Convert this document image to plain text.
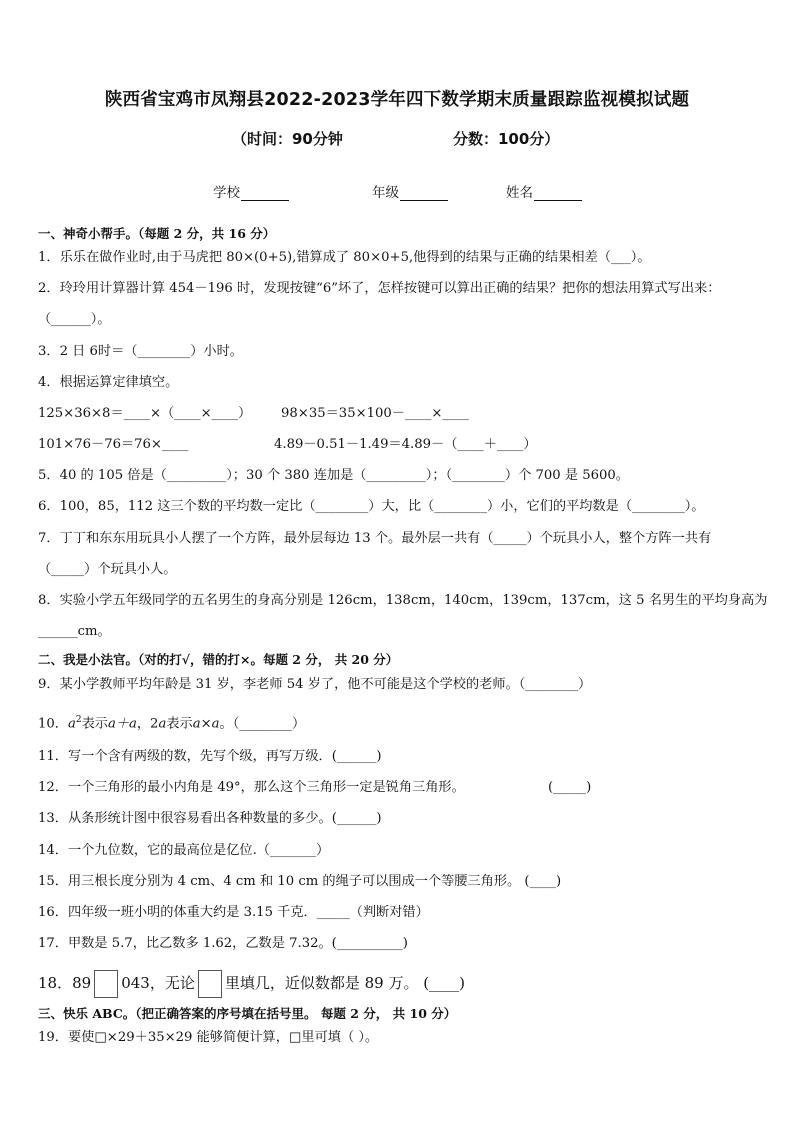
陕西省宝鸡市凤翔县2022-2023学年四下数学期末质量跟踪监视模拟试题
（时间：90分钟	分数：100分）
学校	年级	姓名
一、神奇小帮手。（每题 2 分，共 16 分）
1．乐乐在做作业时,由于马虎把 80×(0+5),错算成了 80×0+5,他得到的结果与正确的结果相差（___）。
2．玲玲用计算器计算 454－196 时，发现按键“6”坏了，怎样按键可以算出正确的结果？把你的想法用算式写出来：
（______）。
3．2 日 6时＝（________）小时。
4．根据运算定律填空。
125×36×8＝____×（____×____） 98×35＝35×100－____×____
101×76－76＝76×____	4.89－0.51－1.49＝4.89－（____＋____）
5．40 的 105 倍是（_________）；30 个 380 连加是（_________）；（________）个 700 是 5600。
6．100，85，112 这三个数的平均数一定比（________）大，比（________）小，它们的平均数是（________）。
7．丁丁和东东用玩具小人摆了一个方阵，最外层每边 13 个。最外层一共有（_____）个玩具小人，整个方阵一共有
（_____）个玩具小人。
8．实验小学五年级同学的五名男生的身高分别是 126cm，138cm，140cm，139cm，137cm，这 5 名男生的平均身高为
______cm。
二、我是小法官。（对的打√，错的打×。每题 2 分， 共 20 分）
9．某小学教师平均年龄是 31 岁，李老师 54 岁了，他不可能是这个学校的老师。（________）
10．$a^2$表示a＋a，2a表示a×a。（________）
11．写一个含有两级的数，先写个级，再写万级．(______)
12．一个三角形的最小内角是 49°，那么这个三角形一定是锐角三角形。	(_____)
13．从条形统计图中很容易看出各种数量的多少。(______)
14．一个九位数，它的最高位是亿位.（_______）
15．用三根长度分别为 4 cm、4 cm 和 10 cm 的绳子可以围成一个等腰三角形。 (____)
16．四年级一班小明的体重大约是 3.15 千克．_____（判断对错）
17．甲数是 5.7，比乙数多 1.62，乙数是 7.32。(__________)
18．89 043，无论 里填几，近似数都是 89 万。 (____)
三、快乐 ABC。（把正确答案的序号填在括号里。 每题 2 分， 共 10 分）
19．要使□×29＋35×29 能够简便计算，□里可填（ ）。
